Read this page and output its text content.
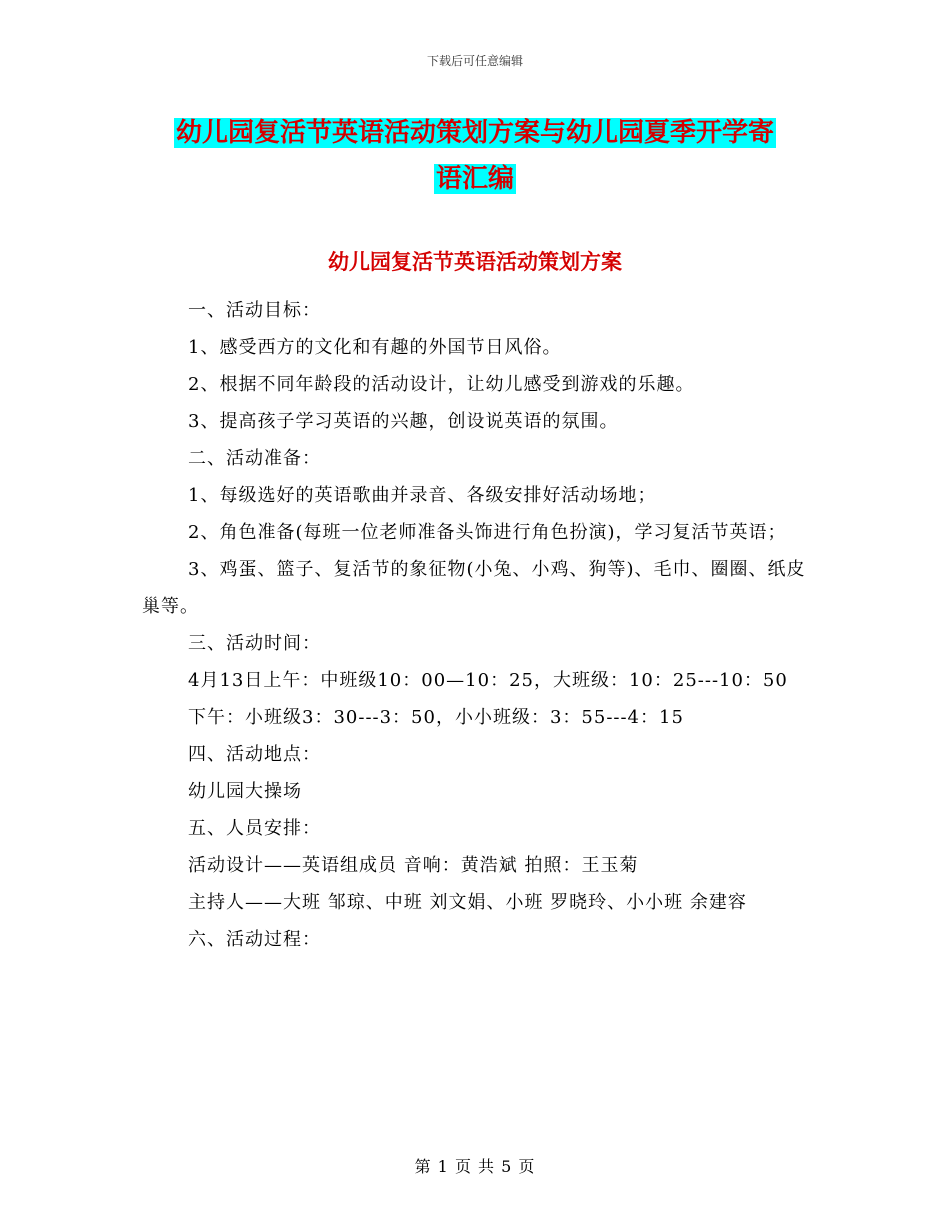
下载后可任意编辑
幼儿园复活节英语活动策划方案与幼儿园夏季开学寄
语汇编
幼儿园复活节英语活动策划方案

一、活动目标：

1、感受西方的文化和有趣的外国节日风俗。

2、根据不同年龄段的活动设计，让幼儿感受到游戏的乐趣。

3、提高孩子学习英语的兴趣，创设说英语的氛围。

二、活动准备：

1、每级选好的英语歌曲并录音、各级安排好活动场地；

2、角色准备(每班一位老师准备头饰进行角色扮演)，学习复活节英语；

3、鸡蛋、篮子、复活节的象征物(小兔、小鸡、狗等)、毛巾、圈圈、纸皮巢等。

三、活动时间：

4月13日上午：中班级10：00—10：25，大班级：10：25---10：50

下午：小班级3：30---3：50，小小班级：3：55---4：15

四、活动地点：

幼儿园大操场

五、人员安排：

活动设计——英语组成员 音响：黄浩斌 拍照：王玉菊

主持人——大班 邹琼、中班 刘文娟、小班 罗晓玲、小小班 余建容

六、活动过程：

第 1 页 共 5 页
